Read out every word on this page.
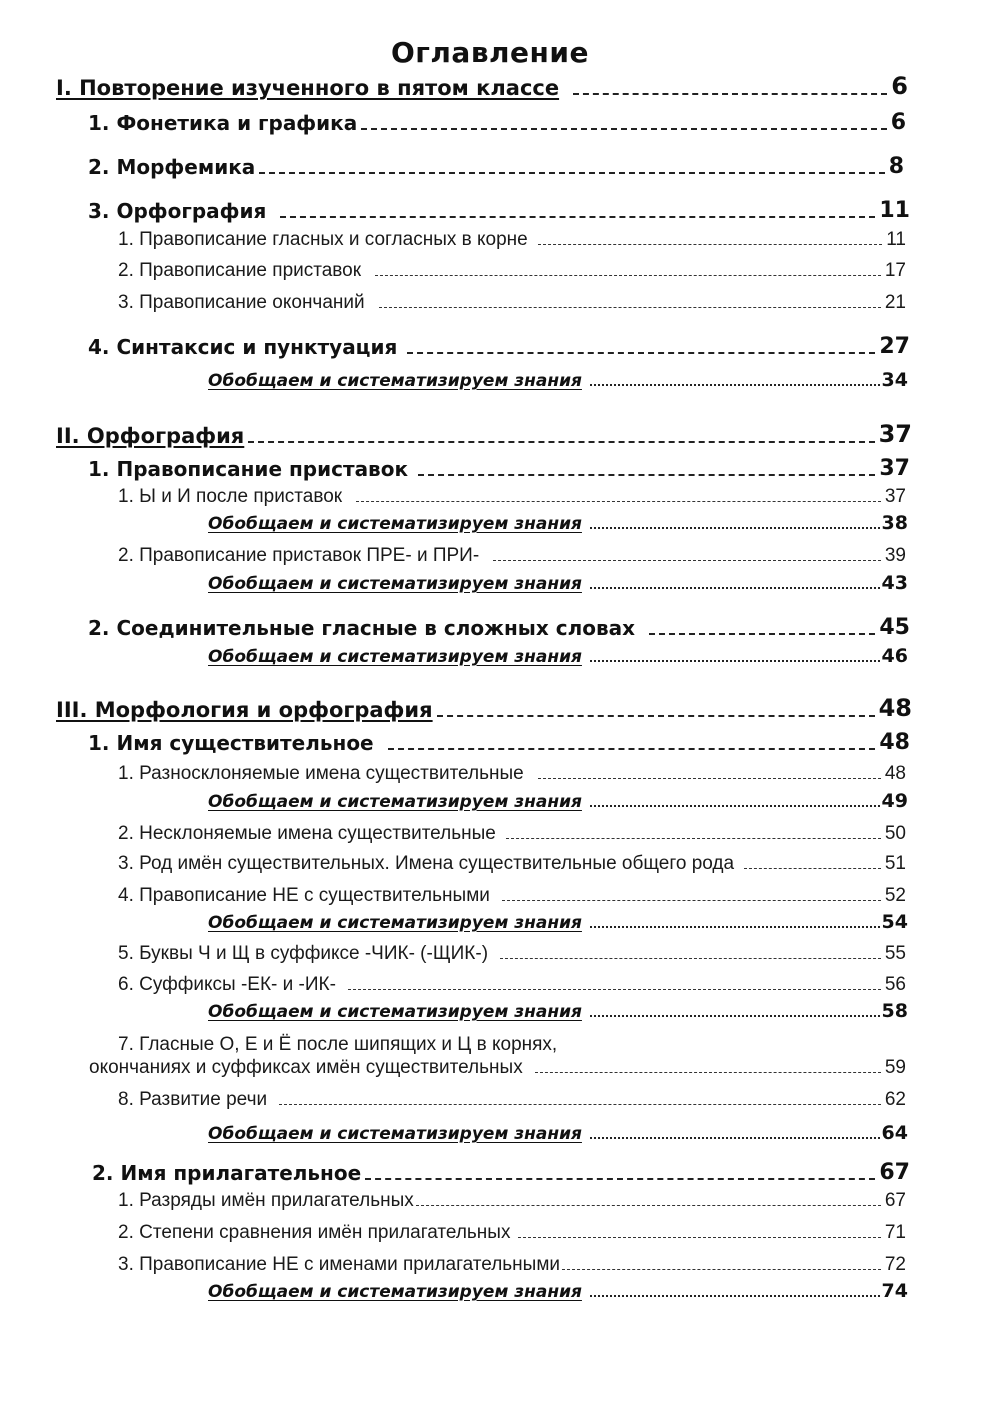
Оглавление
I. Повторение изученного в пятом классе	6
1. Фонетика и графика	6
2. Морфемика	8
3. Орфография	11
1. Правописание гласных и согласных в корне	11
2. Правописание приставок	17
3. Правописание окончаний	21
4. Синтаксис и пунктуация	27
Обобщаем и систематизируем знания	34
II. Орфография	37
1. Правописание приставок	37
1. Ы и И после приставок	37
Обобщаем и систематизируем знания	38
2. Правописание приставок ПРЕ- и ПРИ-	39
Обобщаем и систематизируем знания	43
2. Соединительные гласные в сложных словах	45
Обобщаем и систематизируем знания	46
III. Морфология и орфография	48
1. Имя существительное	48
1. Разносклоняемые имена существительные	48
Обобщаем и систематизируем знания	49
2. Несклоняемые имена существительные	50
3. Род имён существительных. Имена существительные общего рода	51
4. Правописание НЕ с существительными	52
Обобщаем и систематизируем знания	54
5. Буквы Ч и Щ в суффиксе -ЧИК- (-ЩИК-)	55
6. Суффиксы -ЕК- и -ИК-	56
Обобщаем и систематизируем знания	58
7. Гласные О, Е и Ё после шипящих и Ц в корнях,
окончаниях и суффиксах имён существительных	59
8. Развитие речи	62
Обобщаем и систематизируем знания	64
2. Имя прилагательное	67
1. Разряды имён прилагательных	67
2. Степени сравнения имён прилагательных	71
3. Правописание НЕ с именами прилагательными	72
Обобщаем и систематизируем знания	74
